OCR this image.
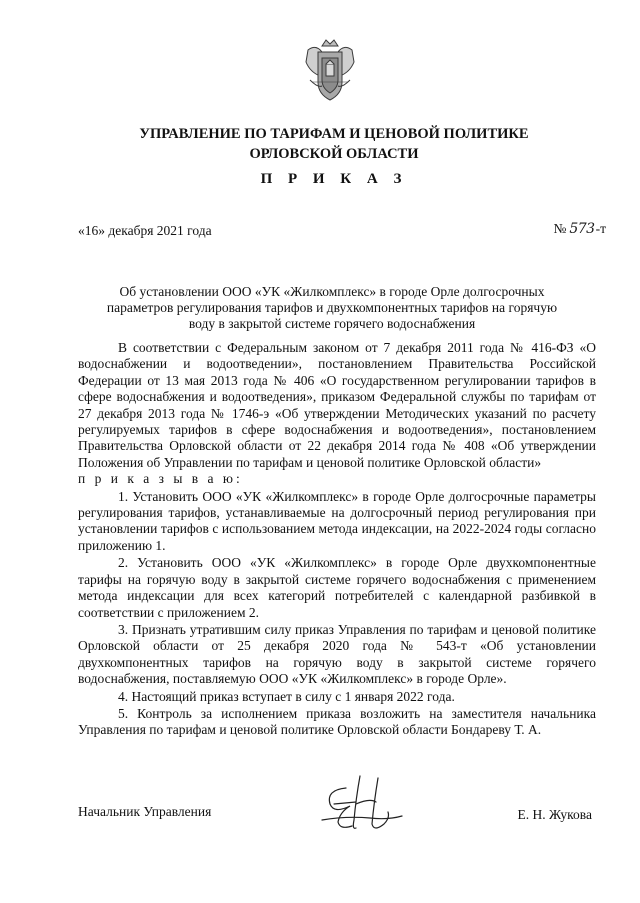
УПРАВЛЕНИЕ ПО ТАРИФАМ И ЦЕНОВОЙ ПОЛИТИКЕ
ОРЛОВСКОЙ ОБЛАСТИ
П Р И К А З
«16» декабря 2021 года	№ 573 -т
Об установлении ООО «УК «Жилкомплекс» в городе Орле долгосрочных
параметров регулирования тарифов и двухкомпонентных тарифов на горячую
воду в закрытой системе горячего водоснабжения

В соответствии с Федеральным законом от 7 декабря 2011 года № 416-ФЗ «О водоснабжении и водоотведении», постановлением Правительства Российской Федерации от 13 мая 2013 года № 406 «О государственном регулировании тарифов в сфере водоснабжения и водоотведения», приказом Федеральной службы по тарифам от 27 декабря 2013 года № 1746-э «Об утверждении Методических указаний по расчету регулируемых тарифов в сфере водоснабжения и водоотведения», постановлением Правительства Орловской области от 22 декабря 2014 года № 408 «Об утверждении Положения об Управлении по тарифам и ценовой политике Орловской области»
п р и к а з ы в а ю:

1. Установить ООО «УК «Жилкомплекс» в городе Орле долгосрочные параметры регулирования тарифов, устанавливаемые на долгосрочный период регулирования при установлении тарифов с использованием метода индексации, на 2022-2024 годы согласно приложению 1.

2. Установить ООО «УК «Жилкомплекс» в городе Орле двухкомпонентные тарифы на горячую воду в закрытой системе горячего водоснабжения с применением метода индексации для всех категорий потребителей с календарной разбивкой в соответствии с приложением 2.

3. Признать утратившим силу приказ Управления по тарифам и ценовой политике Орловской области от 25 декабря 2020 года № 543-т «Об установлении двухкомпонентных тарифов на горячую воду в закрытой системе горячего водоснабжения, поставляемую ООО «УК «Жилкомплекс» в городе Орле».

4. Настоящий приказ вступает в силу с 1 января 2022 года.

5. Контроль за исполнением приказа возложить на заместителя начальника Управления по тарифам и ценовой политике Орловской области Бондареву Т. А.

Начальник Управления	Е. Н. Жукова
